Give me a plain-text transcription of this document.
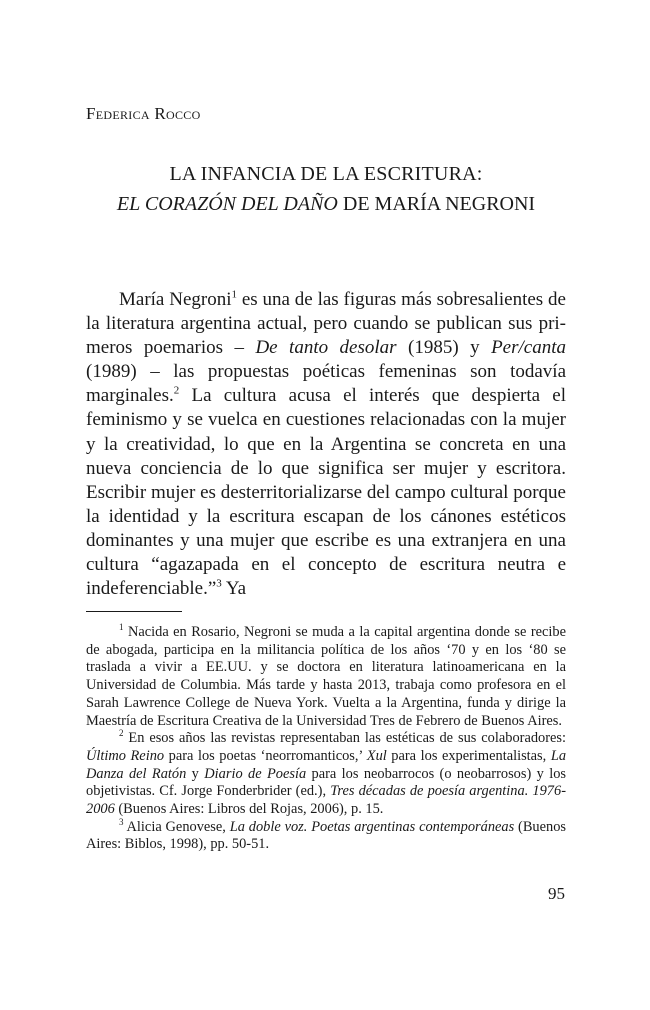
Federica Rocco
LA INFANCIA DE LA ESCRITURA:
EL CORAZÓN DEL DAÑO DE MARÍA NEGRONI
María Negroni$^1$ es una de las figuras más sobresalientes de la literatura argentina actual, pero cuando se publican sus primeros poemarios – De tanto desolar (1985) y Per/canta (1989) – las propuestas poéticas femeninas son todavía marginales.$^2$ La cultura acusa el interés que despierta el feminismo y se vuelca en cuestiones relacionadas con la mujer y la creatividad, lo que en la Argentina se concreta en una nueva conciencia de lo que significa ser mujer y escritora. Escribir mujer es desterritorializarse del campo cultural porque la identidad y la escritura escapan de los cánones estéticos dominantes y una mujer que escribe es una extranjera en una cultura “agazapada en el concepto de escritura neutra e indeferenciable.”$^3$ Ya

$^1$ Nacida en Rosario, Negroni se muda a la capital argentina donde se recibe de abogada, participa en la militancia política de los años ‘70 y en los ‘80 se traslada a vivir a EE.UU. y se doctora en literatura latinoamericana en la Universidad de Columbia. Más tarde y hasta 2013, trabaja como profesora en el Sarah Lawrence College de Nueva York. Vuelta a la Argentina, funda y dirige la Maestría de Escritura Creativa de la Universidad Tres de Febrero de Buenos Aires.

$^2$ En esos años las revistas representaban las estéticas de sus colaboradores: Último Reino para los poetas ‘neorromanticos,’ Xul para los experimentalistas, La Danza del Ratón y Diario de Poesía para los neobarrocos (o neobarrosos) y los objetivistas. Cf. Jorge Fonderbrider (ed.), Tres décadas de poesía argentina. 1976-2006 (Buenos Aires: Libros del Rojas, 2006), p. 15.

$^3$ Alicia Genovese, La doble voz. Poetas argentinas contemporáneas (Buenos Aires: Biblos, 1998), pp. 50-51.

95
